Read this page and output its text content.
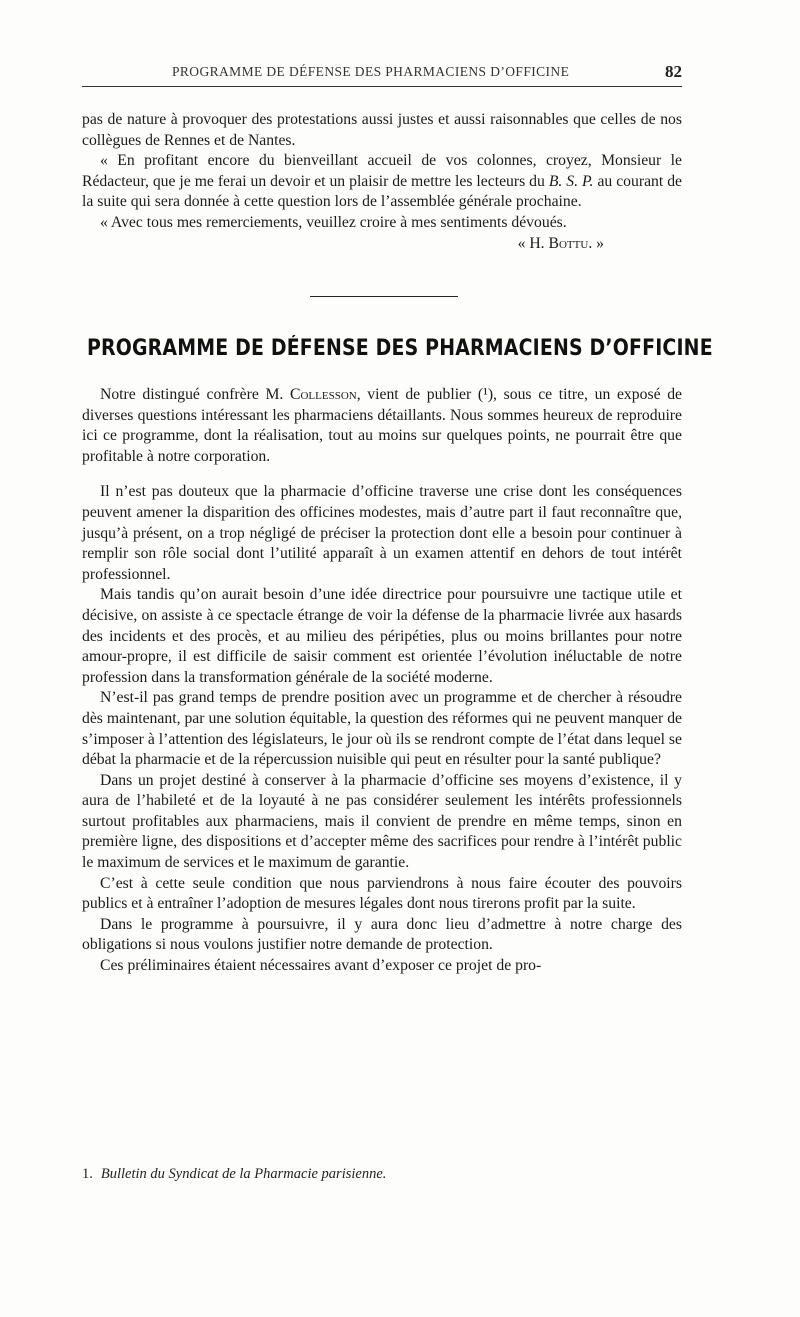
PROGRAMME DE DÉFENSE DES PHARMACIENS D’OFFICINE	82

pas de nature à provoquer des protestations aussi justes et aussi raisonnables que celles de nos collègues de Rennes et de Nantes.

« En profitant encore du bienveillant accueil de vos colonnes, croyez, Monsieur le Rédacteur, que je me ferai un devoir et un plaisir de mettre les lecteurs du B. S. P. au courant de la suite qui sera donnée à cette question lors de l’assemblée générale prochaine.

« Avec tous mes remerciements, veuillez croire à mes sentiments dévoués.

« H. Bottu. »
PROGRAMME DE DÉFENSE DES PHARMACIENS D’OFFICINE

Notre distingué confrère M. Collesson, vient de publier (¹), sous ce titre, un exposé de diverses questions intéressant les pharmaciens détaillants. Nous sommes heureux de reproduire ici ce programme, dont la réalisation, tout au moins sur quelques points, ne pourrait être que profitable à notre corporation.

Il n’est pas douteux que la pharmacie d’officine traverse une crise dont les conséquences peuvent amener la disparition des officines modestes, mais d’autre part il faut reconnaître que, jusqu’à présent, on a trop négligé de préciser la protection dont elle a besoin pour continuer à remplir son rôle social dont l’utilité apparaît à un examen attentif en dehors de tout intérêt professionnel.

Mais tandis qu’on aurait besoin d’une idée directrice pour poursuivre une tactique utile et décisive, on assiste à ce spectacle étrange de voir la défense de la pharmacie livrée aux hasards des incidents et des procès, et au milieu des péripéties, plus ou moins brillantes pour notre amour-propre, il est difficile de saisir comment est orientée l’évolution inéluctable de notre profession dans la transformation générale de la société moderne.

N’est-il pas grand temps de prendre position avec un programme et de chercher à résoudre dès maintenant, par une solution équitable, la question des réformes qui ne peuvent manquer de s’imposer à l’attention des législateurs, le jour où ils se rendront compte de l’état dans lequel se débat la pharmacie et de la répercussion nuisible qui peut en résulter pour la santé publique?

Dans un projet destiné à conserver à la pharmacie d’officine ses moyens d’existence, il y aura de l’habileté et de la loyauté à ne pas considérer seulement les intérêts professionnels surtout profitables aux pharmaciens, mais il convient de prendre en même temps, sinon en première ligne, des dispositions et d’accepter même des sacrifices pour rendre à l’intérêt public le maximum de services et le maximum de garantie.

C’est à cette seule condition que nous parviendrons à nous faire écouter des pouvoirs publics et à entraîner l’adoption de mesures légales dont nous tirerons profit par la suite.

Dans le programme à poursuivre, il y aura donc lieu d’admettre à notre charge des obligations si nous voulons justifier notre demande de protection.

Ces préliminaires étaient nécessaires avant d’exposer ce projet de pro-

1. Bulletin du Syndicat de la Pharmacie parisienne.
